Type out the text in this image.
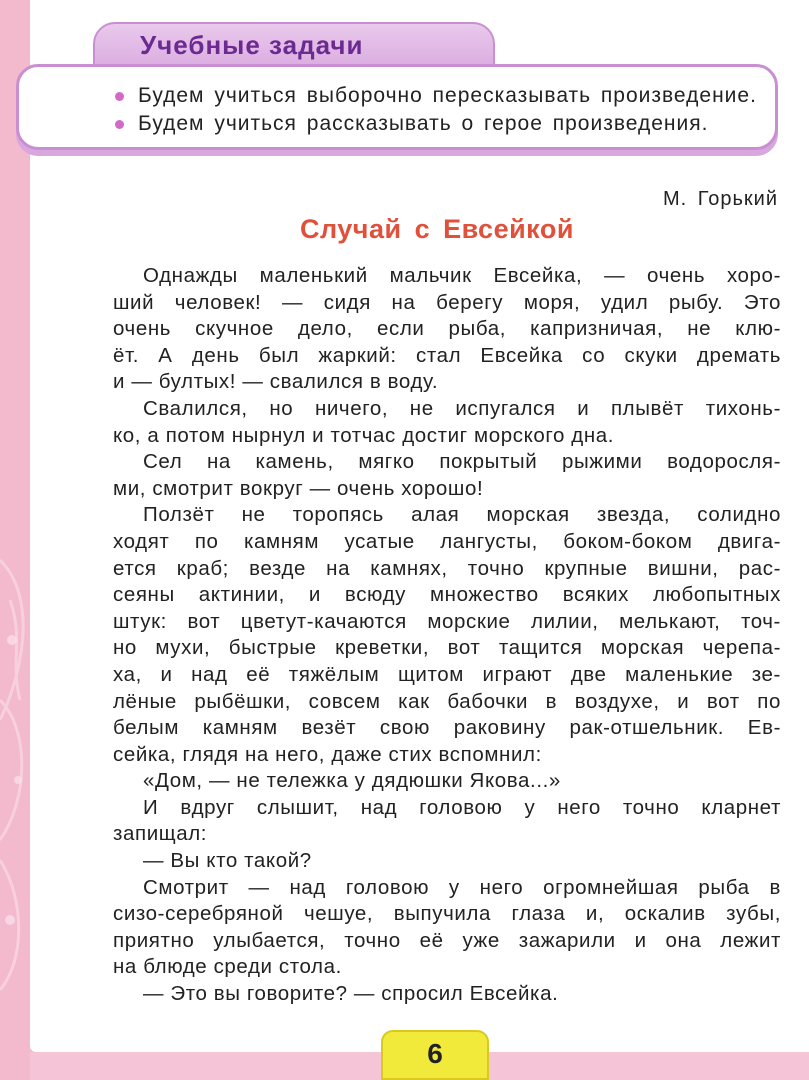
Учебные задачи
Будем учиться выборочно пересказывать произведение.
Будем учиться рассказывать о герое произведения.
М. Горький
Случай с Евсейкой
Однажды маленький мальчик Евсейка, — очень хоро-
ший человек! — сидя на берегу моря, удил рыбу. Это
очень скучное дело, если рыба, капризничая, не клю-
ёт. А день был жаркий: стал Евсейка со скуки дремать
и — бултых! — свалился в воду.
Свалился, но ничего, не испугался и плывёт тихонь-
ко, а потом нырнул и тотчас достиг морского дна.
Сел на камень, мягко покрытый рыжими водоросля-
ми, смотрит вокруг — очень хорошо!
Ползёт не торопясь алая морская звезда, солидно
ходят по камням усатые лангусты, боком-боком двига-
ется краб; везде на камнях, точно крупные вишни, рас-
сеяны актинии, и всюду множество всяких любопытных
штук: вот цветут-качаются морские лилии, мелькают, точ-
но мухи, быстрые креветки, вот тащится морская черепа-
ха, и над её тяжёлым щитом играют две маленькие зе-
лёные рыбёшки, совсем как бабочки в воздухе, и вот по
белым камням везёт свою раковину рак-отшельник. Ев-
сейка, глядя на него, даже стих вспомнил:
«Дом, — не тележка у дядюшки Якова...»
И вдруг слышит, над головою у него точно кларнет
запищал:
— Вы кто такой?
Смотрит — над головою у него огромнейшая рыба в
сизо-серебряной чешуе, выпучила глаза и, оскалив зубы,
приятно улыбается, точно её уже зажарили и она лежит
на блюде среди стола.
— Это вы говорите? — спросил Евсейка.
6
